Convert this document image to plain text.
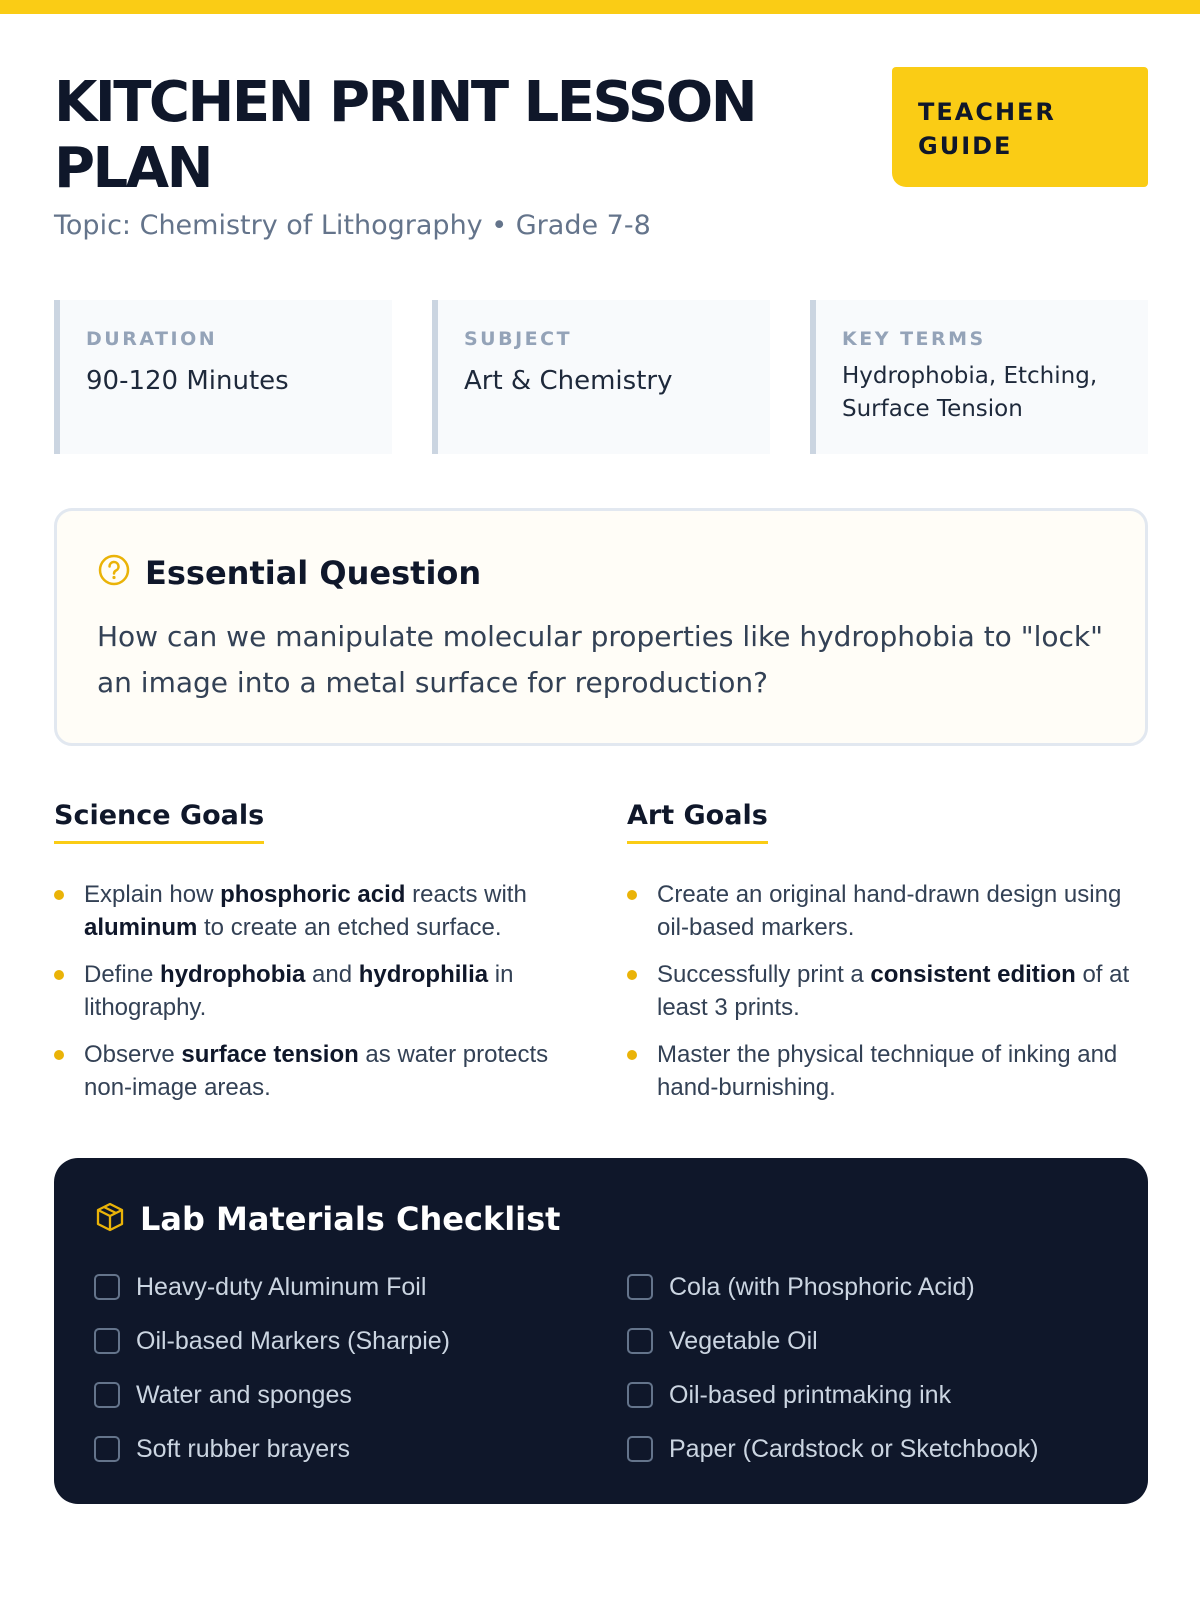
KITCHEN PRINT LESSON PLAN
Topic: Chemistry of Lithography • Grade 7-8
TEACHER GUIDE
DURATION
90-120 Minutes
SUBJECT
Art & Chemistry
KEY TERMS
Hydrophobia, Etching, Surface Tension
Essential Question
How can we manipulate molecular properties like hydrophobia to "lock" an image into a metal surface for reproduction?
Science Goals
Explain how phosphoric acid reacts with aluminum to create an etched surface.
Define hydrophobia and hydrophilia in lithography.
Observe surface tension as water protects non-image areas.
Art Goals
Create an original hand-drawn design using oil-based markers.
Successfully print a consistent edition of at least 3 prints.
Master the physical technique of inking and hand-burnishing.
Lab Materials Checklist
Heavy-duty Aluminum Foil
Oil-based Markers (Sharpie)
Water and sponges
Soft rubber brayers
Cola (with Phosphoric Acid)
Vegetable Oil
Oil-based printmaking ink
Paper (Cardstock or Sketchbook)
